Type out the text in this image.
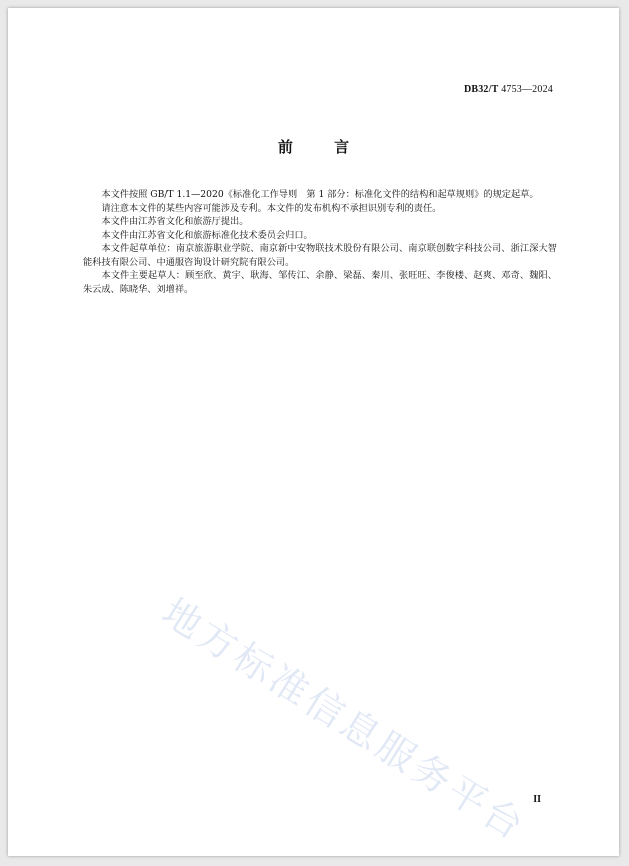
DB32/T 4753—2024
前	言

本文件按照 GB/T 1.1—2020《标准化工作导则　第 1 部分：标准化文件的结构和起草规则》的规定起草。

请注意本文件的某些内容可能涉及专利。本文件的发布机构不承担识别专利的责任。

本文件由江苏省文化和旅游厅提出。

本文件由江苏省文化和旅游标准化技术委员会归口。

本文件起草单位：南京旅游职业学院、南京新中安物联技术股份有限公司、南京联创数字科技公司、浙江深大智能科技有限公司、中通服咨询设计研究院有限公司。

本文件主要起草人：顾至欣、黄宇、耿海、邹传江、余静、梁磊、秦川、张旺旺、李俊楼、赵爽、邓奇、魏阳、朱云成、陈晓华、刘增祥。

地方标准信息服务平台 II
